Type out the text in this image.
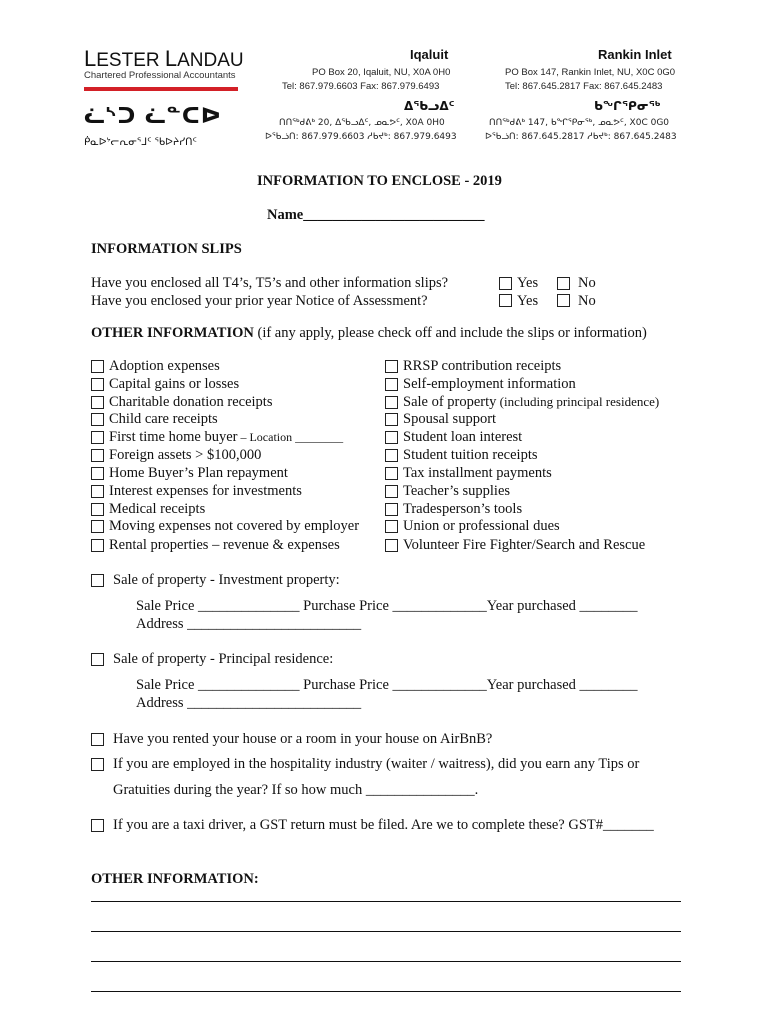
LESTER LANDAU
Chartered Professional Accountants
ᓛᔅᑐ ᓛᓐᑕᐅ
ᑮᓇᐅᔾᓕᕆᓂᕐᒧᑦ ᖃᐅᔨᓯᑎᑦ
Iqaluit
PO Box 20, Iqaluit, NU, X0A 0H0
Tel: 867.979.6603 Fax: 867.979.6493
ᐃᖃᓗᐃᑦ
ᑎᑎᖅᑯᕕᒃ 20, ᐃᖃᓗᐃᑦ, ᓄᓇᕗᑦ, X0A 0H0
ᐅᖃᓘᑎ: 867.979.6603 ᓱᑲᔪᒃ: 867.979.6493
Rankin Inlet
PO Box 147, Rankin Inlet, NU, X0C 0G0
Tel: 867.645.2817 Fax: 867.645.2483
ᑲᖏᕿᓂᖅ
ᑎᑎᖅᑯᕕᒃ 147, ᑲᖏᕿᓂᖅ, ᓄᓇᕗᑦ, X0C 0G0
ᐅᖃᓘᑎ: 867.645.2817 ᓱᑲᔪᒃ: 867.645.2483
INFORMATION TO ENCLOSE - 2019
Name_________________________
INFORMATION SLIPS
Have you enclosed all T4’s, T5’s and other information slips?
Have you enclosed your prior year Notice of Assessment?
Yes	No
Yes	No
OTHER INFORMATION (if any apply, please check off and include the slips or information)
Adoption expenses
Capital gains or losses
Charitable donation receipts
Child care receipts
First time home buyer – Location ________
Foreign assets > $100,000
Home Buyer’s Plan repayment
Interest expenses for investments
Medical receipts
Moving expenses not covered by employer
Rental properties – revenue & expenses
RRSP contribution receipts
Self-employment information
Sale of property (including principal residence)
Spousal support
Student loan interest
Student tuition receipts
Tax installment payments
Teacher’s supplies
Tradesperson’s tools
Union or professional dues
Volunteer Fire Fighter/Search and Rescue
Sale of property - Investment property:
Sale Price ______________ Purchase Price _____________Year purchased ________
Address ________________________
Sale of property - Principal residence:
Sale Price ______________ Purchase Price _____________Year purchased ________
Address ________________________
Have you rented your house or a room in your house on AirBnB?
If you are employed in the hospitality industry (waiter / waitress), did you earn any Tips or
Gratuities during the year? If so how much _______________.
If you are a taxi driver, a GST return must be filed. Are we to complete these? GST#_______
OTHER INFORMATION:
